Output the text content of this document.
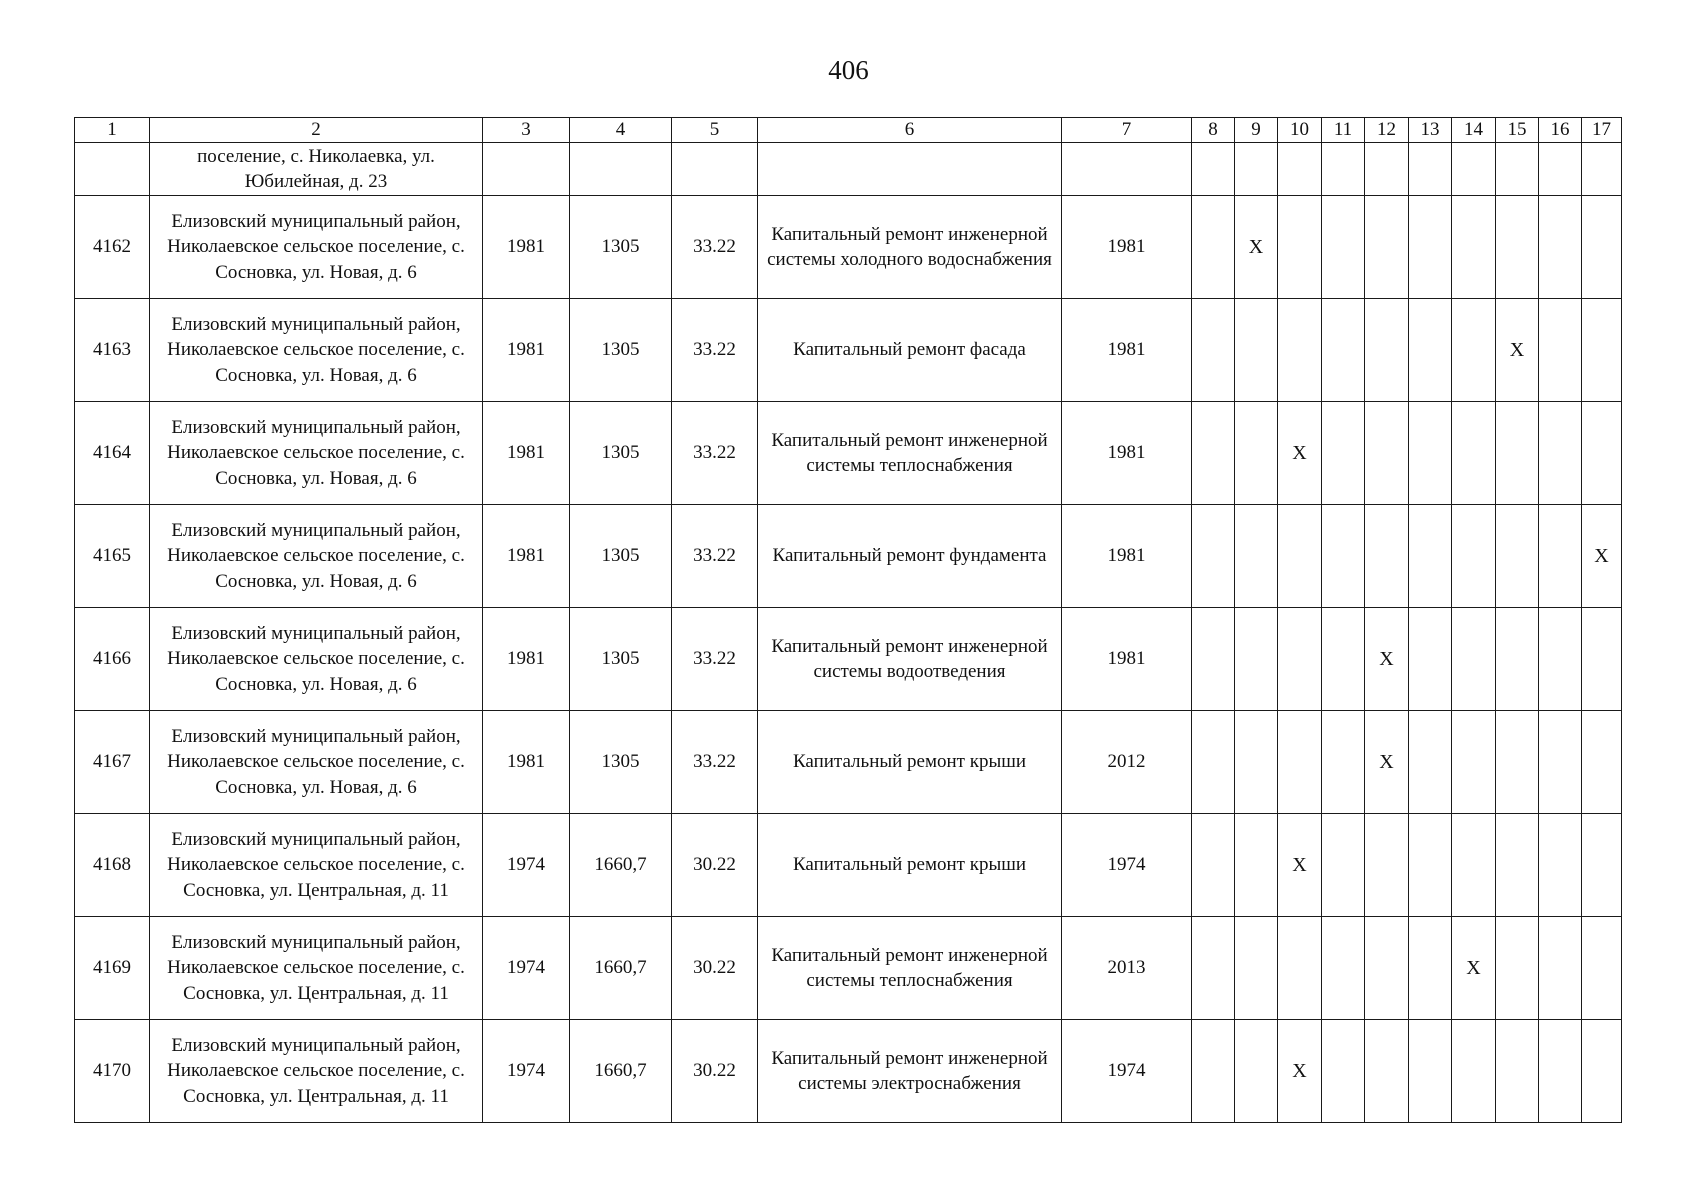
406
1	2	3	4	5	6	7	8	9	10	11	12	13	14	15	16	17
	поселение, с. Николаевка, ул. Юбилейная, д. 23															
4162	Елизовский муниципальный район, Николаевское сельское поселение, с. Сосновка, ул. Новая, д. 6	1981	1305	33.22	Капитальный ремонт инженерной системы холодного водоснабжения	1981		X								
4163	Елизовский муниципальный район, Николаевское сельское поселение, с. Сосновка, ул. Новая, д. 6	1981	1305	33.22	Капитальный ремонт фасада	1981								X		
4164	Елизовский муниципальный район, Николаевское сельское поселение, с. Сосновка, ул. Новая, д. 6	1981	1305	33.22	Капитальный ремонт инженерной системы теплоснабжения	1981			X							
4165	Елизовский муниципальный район, Николаевское сельское поселение, с. Сосновка, ул. Новая, д. 6	1981	1305	33.22	Капитальный ремонт фундамента	1981										X
4166	Елизовский муниципальный район, Николаевское сельское поселение, с. Сосновка, ул. Новая, д. 6	1981	1305	33.22	Капитальный ремонт инженерной системы водоотведения	1981					X					
4167	Елизовский муниципальный район, Николаевское сельское поселение, с. Сосновка, ул. Новая, д. 6	1981	1305	33.22	Капитальный ремонт крыши	2012					X					
4168	Елизовский муниципальный район, Николаевское сельское поселение, с. Сосновка, ул. Центральная, д. 11	1974	1660,7	30.22	Капитальный ремонт крыши	1974			X							
4169	Елизовский муниципальный район, Николаевское сельское поселение, с. Сосновка, ул. Центральная, д. 11	1974	1660,7	30.22	Капитальный ремонт инженерной системы теплоснабжения	2013							X			
4170	Елизовский муниципальный район, Николаевское сельское поселение, с. Сосновка, ул. Центральная, д. 11	1974	1660,7	30.22	Капитальный ремонт инженерной системы электроснабжения	1974			X							
